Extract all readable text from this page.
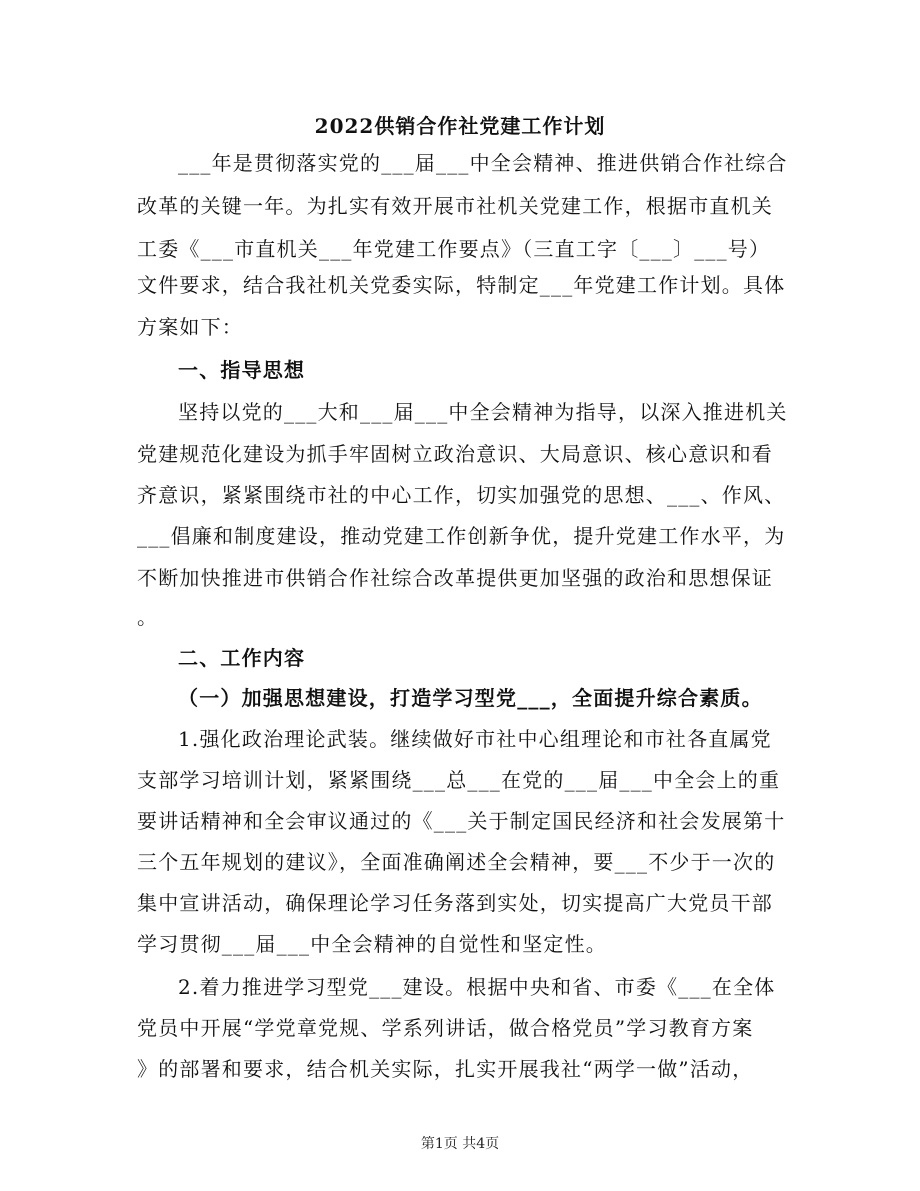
2022供销合作社党建工作计划
___年是贯彻落实党的___届___中全会精神、推进供销合作社综合
改革的关键一年。为扎实有效开展市社机关党建工作，根据市直机关
工委《___市直机关___年党建工作要点》（三直工字〔___〕___号）
文件要求，结合我社机关党委实际，特制定___年党建工作计划。具体
方案如下：
一、指导思想
坚持以党的___大和___届___中全会精神为指导，以深入推进机关
党建规范化建设为抓手牢固树立政治意识、大局意识、核心意识和看
齐意识，紧紧围绕市社的中心工作，切实加强党的思想、___、作风、
___倡廉和制度建设，推动党建工作创新争优，提升党建工作水平，为
不断加快推进市供销合作社综合改革提供更加坚强的政治和思想保证
。
二、工作内容
（一）加强思想建设，打造学习型党___，全面提升综合素质。
1.强化政治理论武装。继续做好市社中心组理论和市社各直属党
支部学习培训计划，紧紧围绕___总___在党的___届___中全会上的重
要讲话精神和全会审议通过的《___关于制定国民经济和社会发展第十
三个五年规划的建议》，全面准确阐述全会精神，要___不少于一次的
集中宣讲活动，确保理论学习任务落到实处，切实提高广大党员干部
学习贯彻___届___中全会精神的自觉性和坚定性。
2.着力推进学习型党___建设。根据中央和省、市委《___在全体
党员中开展“学党章党规、学系列讲话，做合格党员”学习教育方案
》的部署和要求，结合机关实际，扎实开展我社“两学一做”活动，
第1页 共4页
